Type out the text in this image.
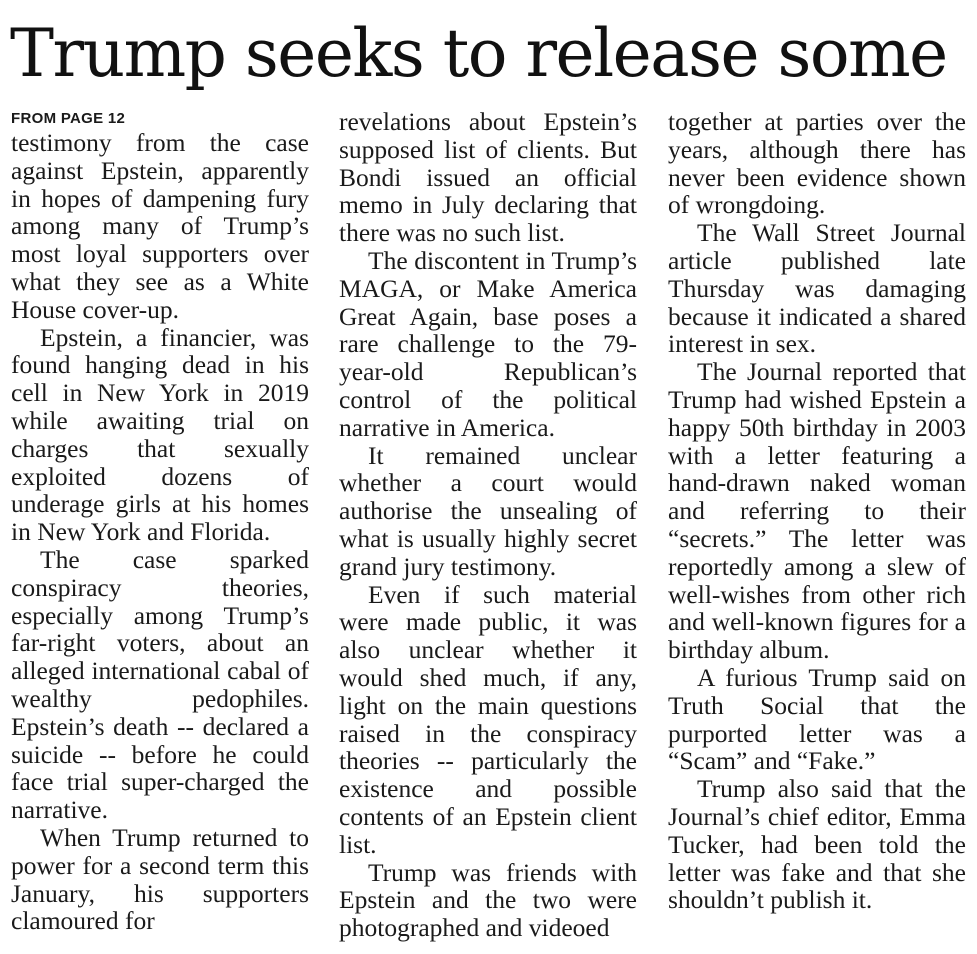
Trump seeks to release some
FROM PAGE 12

testimony from the case against Epstein, apparently in hopes of dampening fury among many of Trump’s most loyal supporters over what they see as a White House cover-up.

Epstein, a financier, was found hanging dead in his cell in New York in 2019 while awaiting trial on charges that sexually exploited dozens of underage girls at his homes in New York and Florida.

The case sparked conspiracy theories, especially among Trump’s far-right voters, about an alleged international cabal of wealthy pedophiles. Epstein’s death -- declared a suicide -- before he could face trial super-charged the narrative.

When Trump returned to power for a second term this January, his supporters clamoured for

revelations about Epstein’s supposed list of clients. But Bondi issued an official memo in July declaring that there was no such list.

The discontent in Trump’s MAGA, or Make America Great Again, base poses a rare challenge to the 79-year-old Republican’s control of the political narrative in America.

It remained unclear whether a court would authorise the unsealing of what is usually highly secret grand jury testimony.

Even if such material were made public, it was also unclear whether it would shed much, if any, light on the main questions raised in the conspiracy theories -- particularly the existence and possible contents of an Epstein client list.

Trump was friends with Epstein and the two were photographed and videoed

together at parties over the years, although there has never been evidence shown of wrongdoing.

The Wall Street Journal article published late Thursday was damaging because it indicated a shared interest in sex.

The Journal reported that Trump had wished Epstein a happy 50th birthday in 2003 with a letter featuring a hand-drawn naked woman and referring to their “secrets.” The letter was reportedly among a slew of well-wishes from other rich and well-known figures for a birthday album.

A furious Trump said on Truth Social that the purported letter was a “Scam” and “Fake.”

Trump also said that the Journal’s chief editor, Emma Tucker, had been told the letter was fake and that she shouldn’t publish it.
